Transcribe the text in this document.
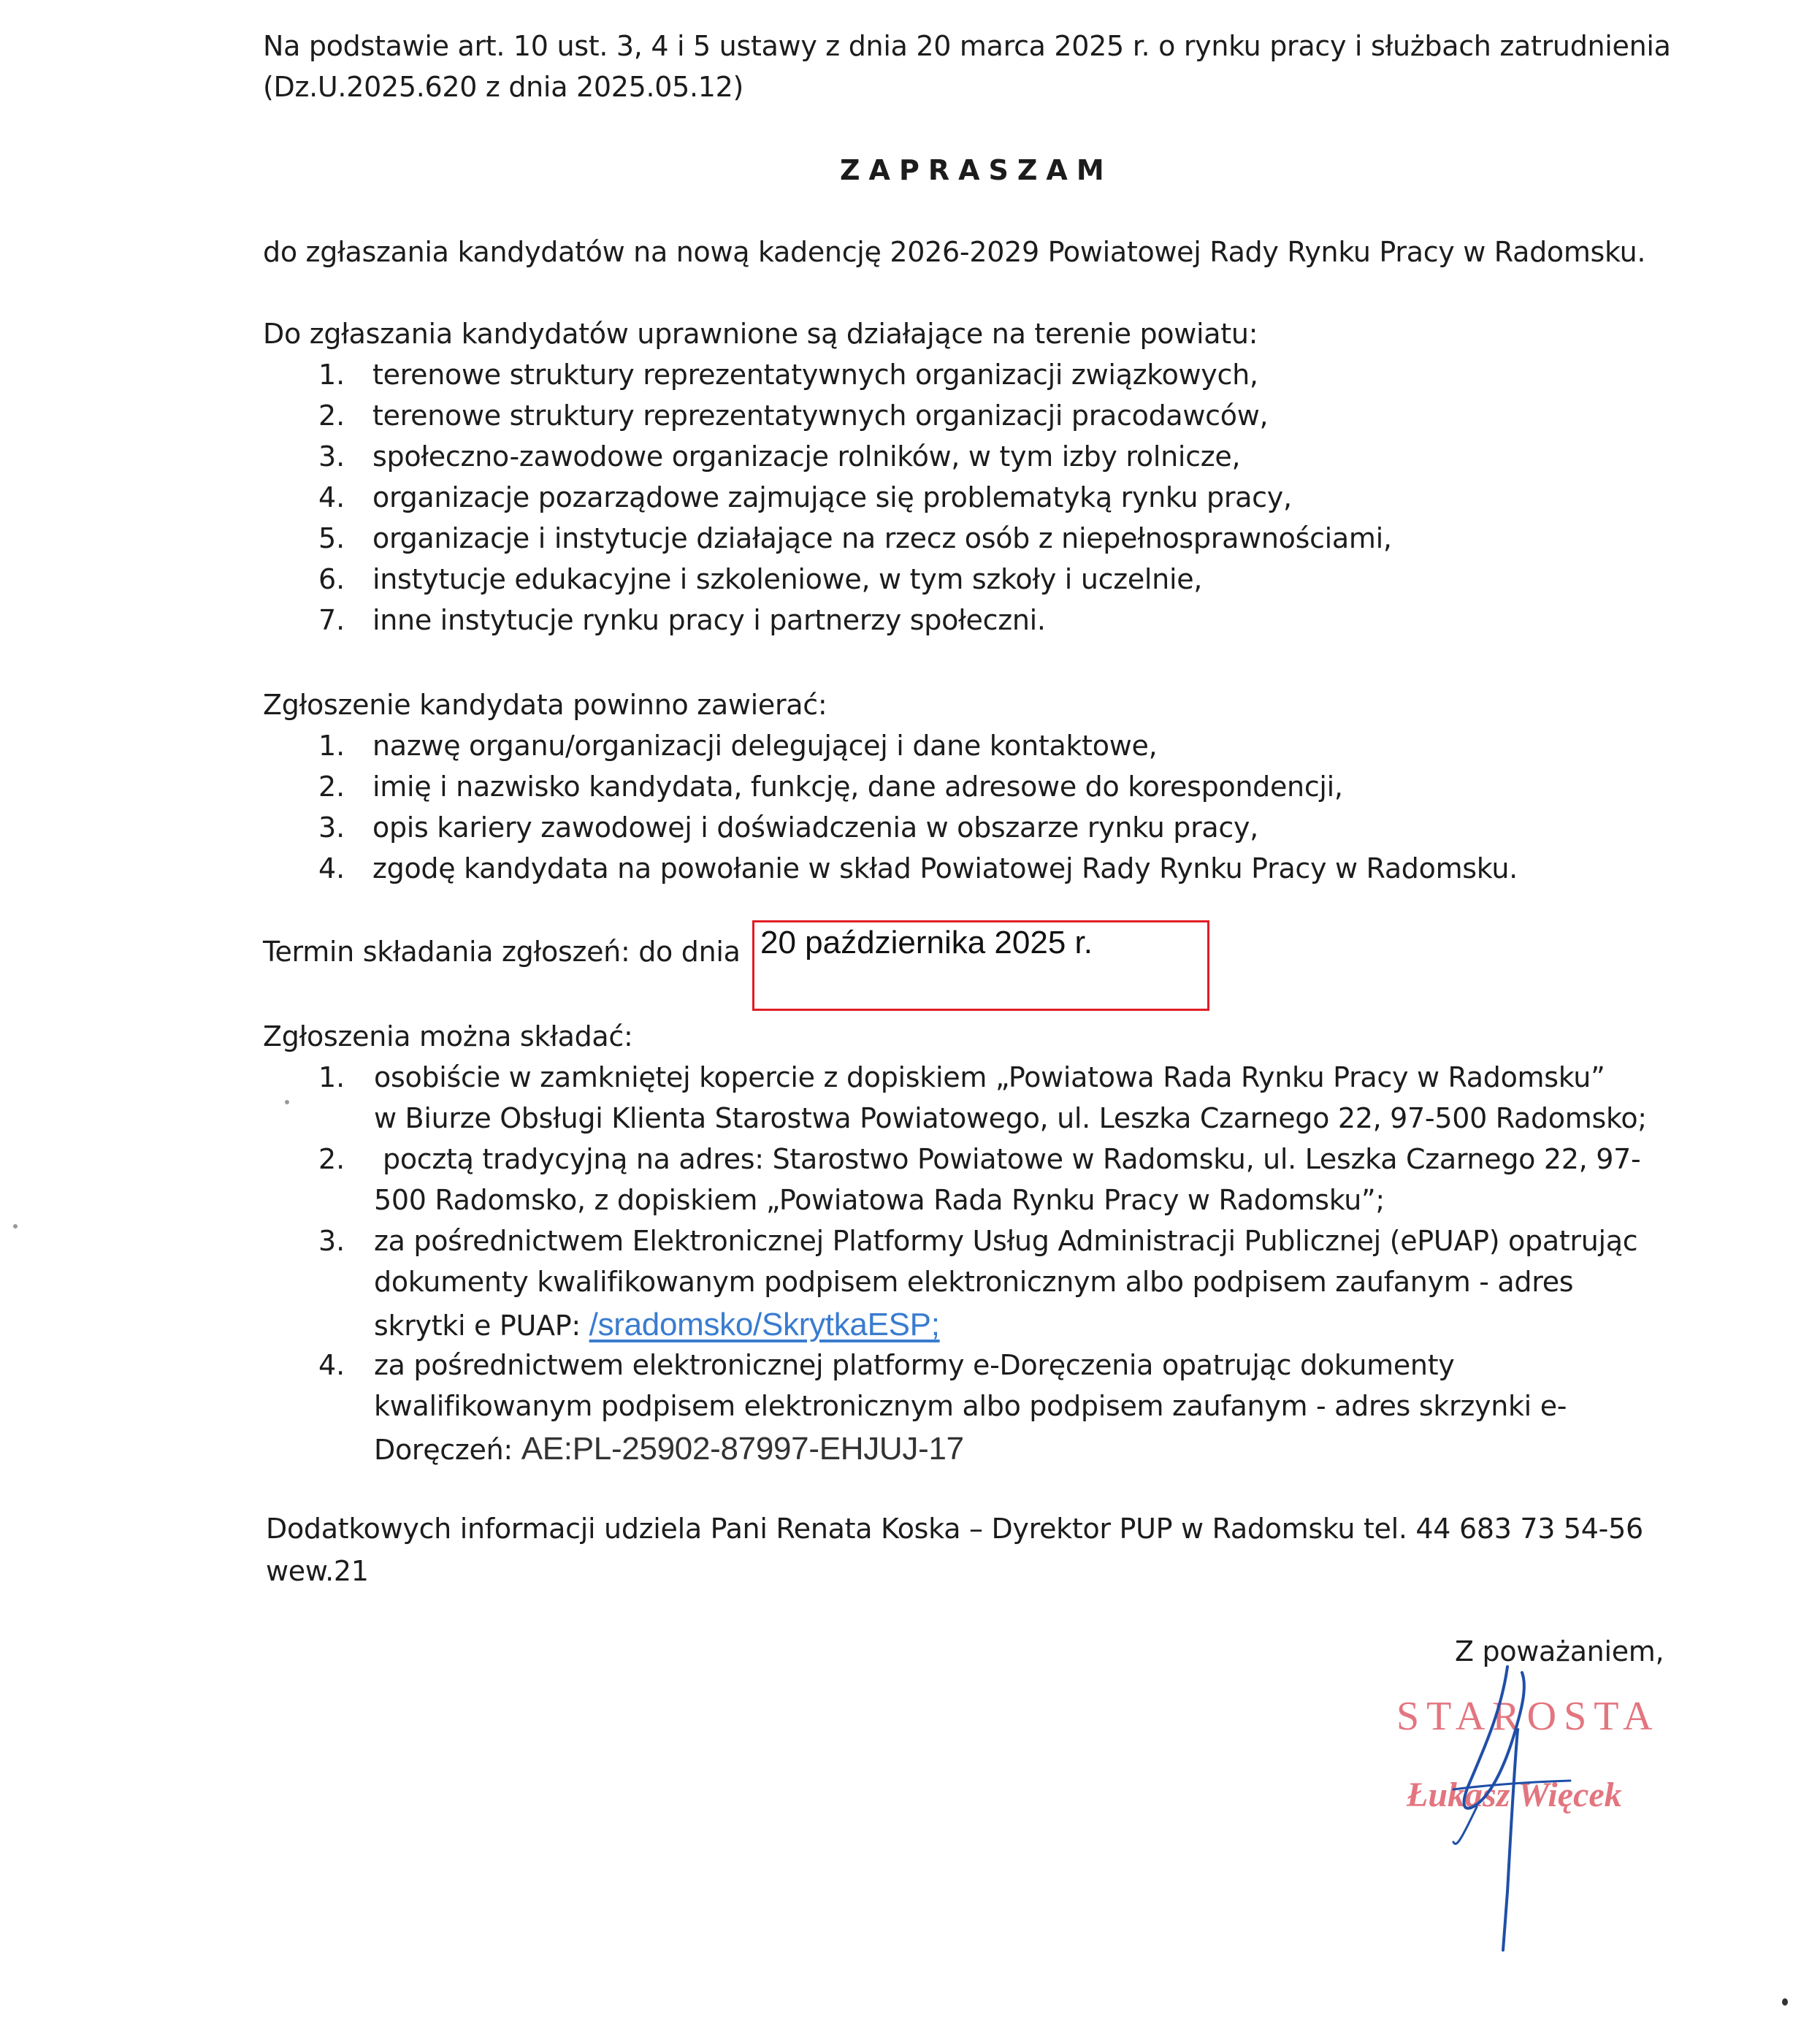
Na podstawie art. 10 ust. 3, 4 i 5 ustawy z dnia 20 marca 2025 r. o rynku pracy i służbach zatrudnienia
(Dz.U.2025.620 z dnia 2025.05.12)
ZAPRASZAM
do zgłaszania kandydatów na nową kadencję 2026-2029 Powiatowej Rady Rynku Pracy w Radomsku.
Do zgłaszania kandydatów uprawnione są działające na terenie powiatu:
1. terenowe struktury reprezentatywnych organizacji związkowych,
2. terenowe struktury reprezentatywnych organizacji pracodawców,
3. społeczno-zawodowe organizacje rolników, w tym izby rolnicze,
4. organizacje pozarządowe zajmujące się problematyką rynku pracy,
5. organizacje i instytucje działające na rzecz osób z niepełnosprawnościami,
6. instytucje edukacyjne i szkoleniowe, w tym szkoły i uczelnie,
7. inne instytucje rynku pracy i partnerzy społeczni.
Zgłoszenie kandydata powinno zawierać:
1. nazwę organu/organizacji delegującej i dane kontaktowe,
2. imię i nazwisko kandydata, funkcję, dane adresowe do korespondencji,
3. opis kariery zawodowej i doświadczenia w obszarze rynku pracy,
4. zgodę kandydata na powołanie w skład Powiatowej Rady Rynku Pracy w Radomsku.
Termin składania zgłoszeń: do dnia 20 października 2025 r.
Zgłoszenia można składać:
1. osobiście w zamkniętej kopercie z dopiskiem „Powiatowa Rada Rynku Pracy w Radomsku”
w Biurze Obsługi Klienta Starostwa Powiatowego, ul. Leszka Czarnego 22, 97-500 Radomsko;
2. pocztą tradycyjną na adres: Starostwo Powiatowe w Radomsku, ul. Leszka Czarnego 22, 97-
500 Radomsko, z dopiskiem „Powiatowa Rada Rynku Pracy w Radomsku”;
3. za pośrednictwem Elektronicznej Platformy Usług Administracji Publicznej (ePUAP) opatrując
dokumenty kwalifikowanym podpisem elektronicznym albo podpisem zaufanym - adres
skrytki e PUAP: /sradomsko/SkrytkaESP;
4. za pośrednictwem elektronicznej platformy e-Doręczenia opatrując dokumenty
kwalifikowanym podpisem elektronicznym albo podpisem zaufanym - adres skrzynki e-
Doręczeń: AE:PL-25902-87997-EHJUJ-17
Dodatkowych informacji udziela Pani Renata Koska – Dyrektor PUP w Radomsku tel. 44 683 73 54-56
wew.21
Z poważaniem,
STAROSTA
Łukasz Więcek
